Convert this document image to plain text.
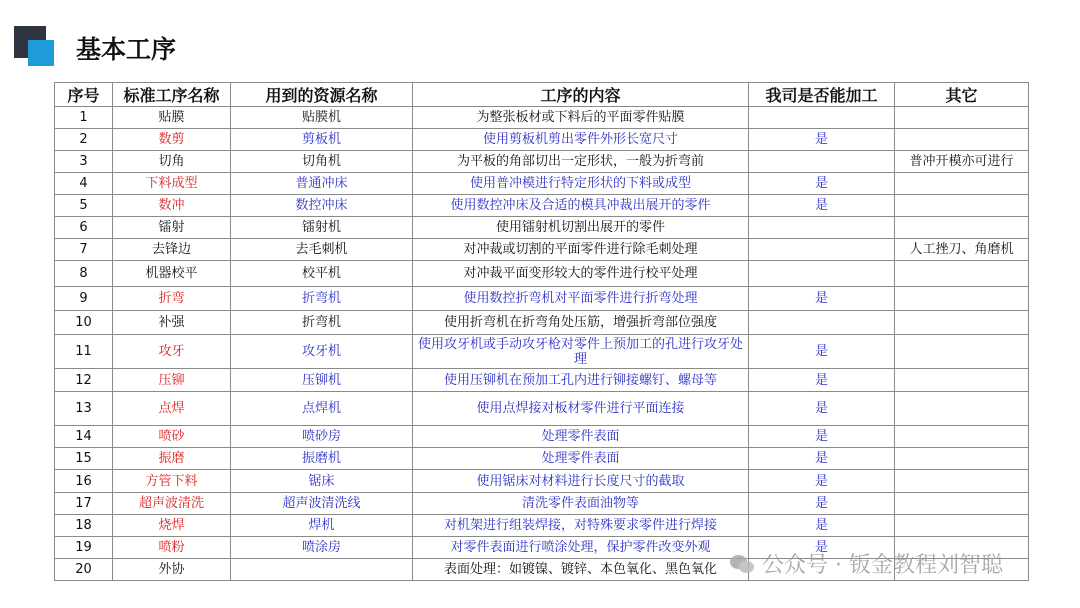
基本工序
序号	标准工序名称	用到的资源名称	工序的内容	我司是否能加工	其它
1	贴膜	贴膜机	为整张板材或下料后的平面零件贴膜		
2	数剪	剪板机	使用剪板机剪出零件外形长宽尺寸	是	
3	切角	切角机	为平板的角部切出一定形状，一般为折弯前		普冲开模亦可进行
4	下料成型	普通冲床	使用普冲模进行特定形状的下料或成型	是	
5	数冲	数控冲床	使用数控冲床及合适的模具冲裁出展开的零件	是	
6	镭射	镭射机	使用镭射机切割出展开的零件		
7	去锋边	去毛刺机	对冲裁或切割的平面零件进行除毛刺处理		人工挫刀、角磨机
8	机器校平	校平机	对冲裁平面变形较大的零件进行校平处理		
9	折弯	折弯机	使用数控折弯机对平面零件进行折弯处理	是	
10	补强	折弯机	使用折弯机在折弯角处压筋，增强折弯部位强度		
11	攻牙	攻牙机	使用攻牙机或手动攻牙枪对零件上预加工的孔进行攻牙处理	是	
12	压铆	压铆机	使用压铆机在预加工孔内进行铆接螺钉、螺母等	是	
13	点焊	点焊机	使用点焊接对板材零件进行平面连接	是	
14	喷砂	喷砂房	处理零件表面	是	
15	振磨	振磨机	处理零件表面	是	
16	方管下料	锯床	使用锯床对材料进行长度尺寸的截取	是	
17	超声波清洗	超声波清洗线	清洗零件表面油物等	是	
18	烧焊	焊机	对机架进行组装焊接，对特殊要求零件进行焊接	是	
19	喷粉	喷涂房	对零件表面进行喷涂处理，保护零件改变外观	是	
20	外协		表面处理：如镀镍、镀锌、本色氧化、黑色氧化		公众号 · 钣金教程刘智聪
